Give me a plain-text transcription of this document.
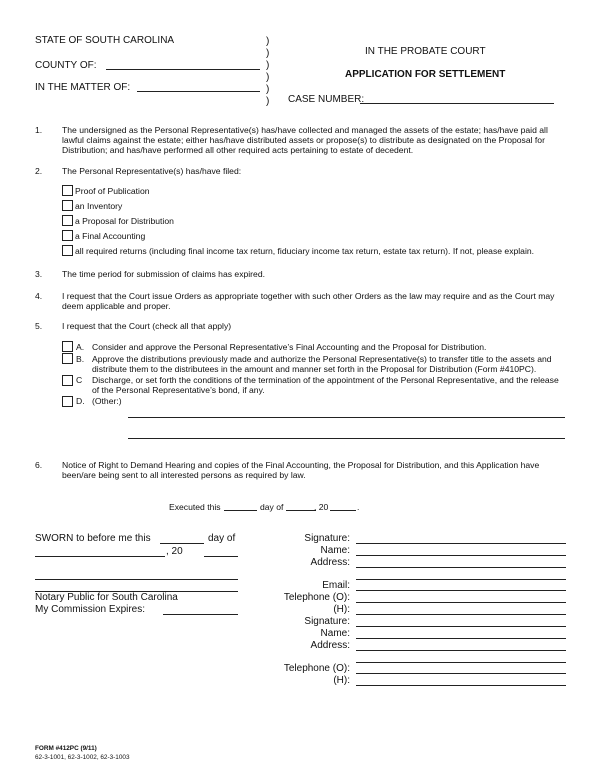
STATE OF SOUTH CAROLINA
COUNTY OF:
IN THE MATTER OF:
)
)
)
)
)
)
IN THE PROBATE COURT
APPLICATION FOR SETTLEMENT
CASE NUMBER:
1. The undersigned as the Personal Representative(s) has/have collected and managed the assets of the estate; has/have paid all lawful claims against the estate; either has/have distributed assets or propose(s) to distribute as designated on the Proposal for Distribution; and has/have performed all other required acts pertaining to estate of decedent.
2. The Personal Representative(s) has/have filed:
Proof of Publication
an Inventory
a Proposal for Distribution
a Final Accounting
all required returns (including final income tax return, fiduciary income tax return, estate tax return). If not, please explain.
3. The time period for submission of claims has expired.
4. I request that the Court issue Orders as appropriate together with such other Orders as the law may require and as the Court may deem applicable and proper.
5. I request that the Court (check all that apply)
A. Consider and approve the Personal Representative’s Final Accounting and the Proposal for Distribution.
B. Approve the distributions previously made and authorize the Personal Representative(s) to transfer title to the assets and distribute them to the distributees in the amount and manner set forth in the Proposal for Distribution (Form #410PC).
C Discharge, or set forth the conditions of the termination of the appointment of the Personal Representative, and the release of the Personal Representative’s bond, if any.
D. (Other:)
6. Notice of Right to Demand Hearing and copies of the Final Accounting, the Proposal for Distribution, and this Application have been/are being sent to all interested persons as required by law.
Executed this	day of	, 20	.
SWORN to before me this	day of
, 20
Notary Public for South Carolina
My Commission Expires:
Signature:
Name:
Address:
Email:
Telephone (O):
(H):
Signature:
Name:
Address:
Telephone (O):
(H):
FORM #412PC (9/11)
62-3-1001, 62-3-1002, 62-3-1003
